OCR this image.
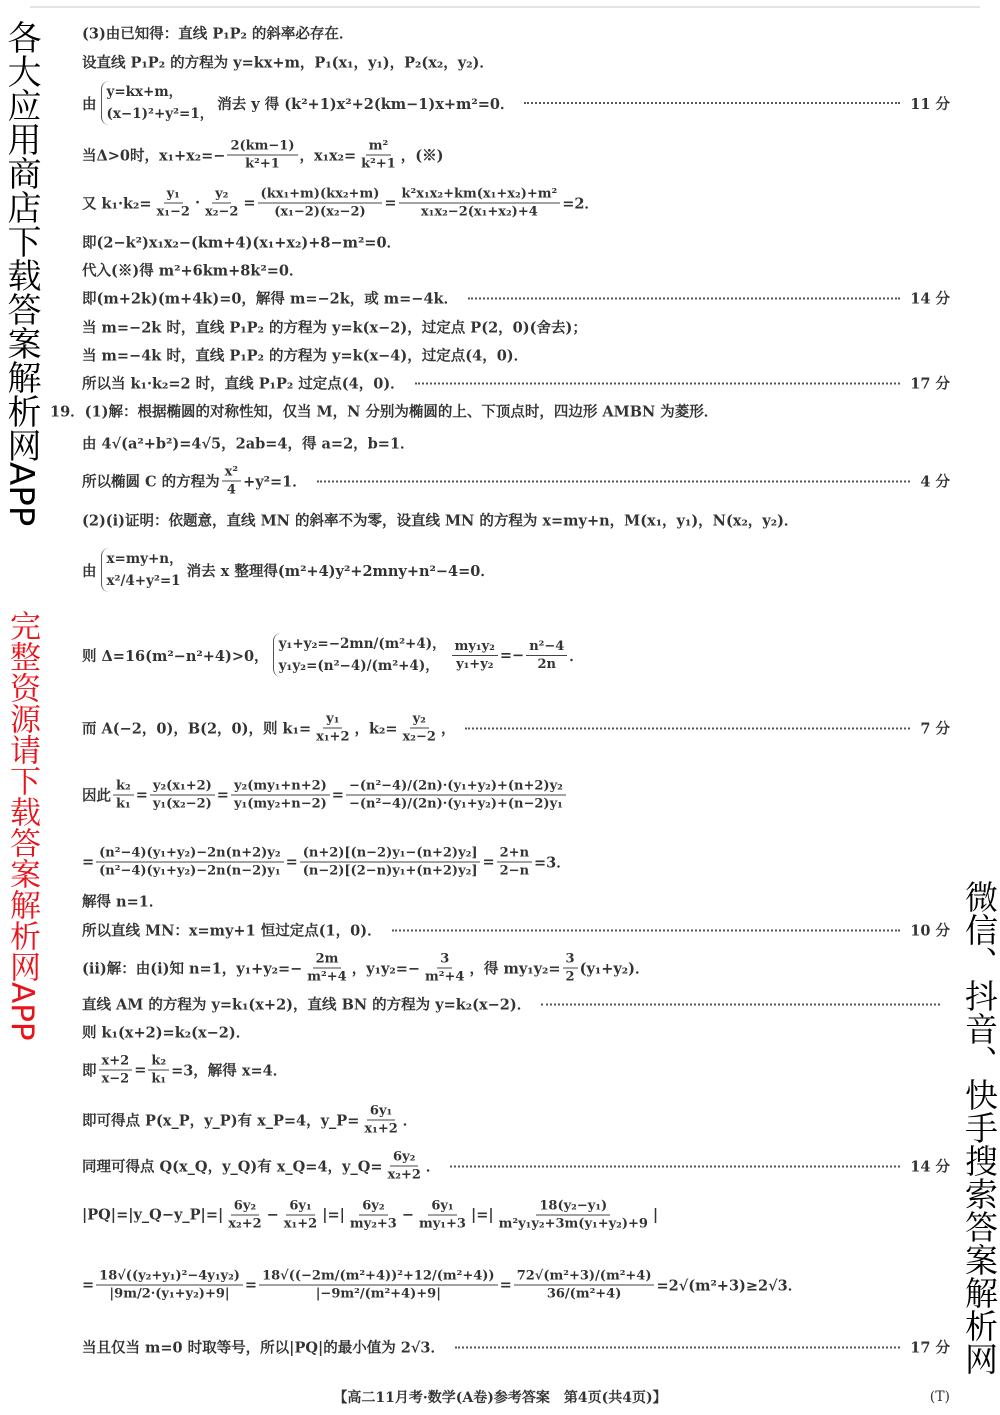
(3)由已知得：直线 P₁P₂ 的斜率必存在．
设直线 P₁P₂ 的方程为 y=kx+m，P₁(x₁，y₁)，P₂(x₂，y₂)．
由
y=kx+m，
(x−1)²+y²=1，
消去 y 得 (k²+1)x²+2(km−1)x+m²=0．	11 分
当Δ>0时，$x_1+x_2=- \frac{2(km-1)}{\text{k²+1}}$ ，$x_1x_2= \frac{\text{m²}}{\text{k²+1}}$ ，(※)
又 $k_1\cdot k_2= \frac{\text{y₁}}{\text{x₁−2}} \cdot \frac{\text{y₂}}{\text{x₂−2}} = \frac{\text{(kx₁+m)(kx₂+m)}}{\text{(x₁−2)(x₂−2)}} = \frac{\text{k²x₁x₂+km(x₁+x₂)+m²}}{\text{x₁x₂−2(x₁+x₂)+4}} =2$．
即(2−k²)x₁x₂−(km+4)(x₁+x₂)+8−m²=0．
代入(※)得 m²+6km+8k²=0．
即(m+2k)(m+4k)=0，解得 m=−2k，或 m=−4k．	14 分
当 m=−2k 时，直线 P₁P₂ 的方程为 y=k(x−2)，过定点 P(2，0)(舍去)；
当 m=−4k 时，直线 P₁P₂ 的方程为 y=k(x−4)，过定点(4，0)．
所以当 k₁·k₂=2 时，直线 P₁P₂ 过定点(4，0)．	17 分
19．(1)解：根据椭圆的对称性知，仅当 M，N 分别为椭圆的上、下顶点时，四边形 AMBN 为菱形．
由 4√(a²+b²)=4√5，2ab=4，得 a=2，b=1．
所以椭圆 C 的方程为 $\frac{\text{x²}}{4} +y^2=1$．	4 分
(2)(ⅰ)证明：依题意，直线 MN 的斜率不为零，设直线 MN 的方程为 x=my+n，M(x₁，y₁)，N(x₂，y₂)．
由
x=my+n，
x²/4+y²=1
消去 x 整理得(m²+4)y²+2mny+n²−4=0．
则 Δ=16(m²−n²+4)>0，
y₁+y₂=−2mn/(m²+4)，
y₁y₂=(n²−4)/(m²+4)， $\frac{\text{my₁y₂}}{\text{y₁+y₂}} =- \frac{\text{n²−4}}{2n}$ ．
而 A(−2，0)，B(2，0)，则 $k_1= \frac{\text{y₁}}{\text{x₁+2}}$ ，$k_2= \frac{\text{y₂}}{\text{x₂−2}}$ ，	7 分
因此 $\frac{\text{k₂}}{\text{k₁}} = \frac{\text{y₂(x₁+2)}}{\text{y₁(x₂−2)}} = \frac{\text{y₂(my₁+n+2)}}{\text{y₁(my₂+n−2)}} = \frac{\text{−(n²−4)/(2n)·(y₁+y₂)+(n+2)y₂}}{\text{−(n²−4)/(2n)·(y₁+y₂)+(n−2)y₁}}$
= $\frac{\text{(n²−4)(y₁+y₂)−2n(n+2)y₂}}{\text{(n²−4)(y₁+y₂)−2n(n−2)y₁}} = \frac{\text{(n+2)[(n−2)y₁−(n+2)y₂]}}{\text{(n−2)[(2−n)y₁+(n+2)y₂]}} = \frac{2+n}{2-n} =3$．
解得 n=1．
所以直线 MN：x=my+1 恒过定点(1，0)．	10 分
(ⅱ)解：由(ⅰ)知 n=1，$y_1+y_2=- \frac{2m}{\text{m²+4}}$ ，$y_1y_2=- \frac{3}{\text{m²+4}}$ ，得 $my_1y_2= \frac{3}{2} (y_1+y_2)$．
直线 AM 的方程为 y=k₁(x+2)，直线 BN 的方程为 y=k₂(x−2)．
则 k₁(x+2)=k₂(x−2)．
即 $\frac{x+2}{x-2} = \frac{\text{k₂}}{\text{k₁}} =3$，解得 x=4．
即可得点 P(x_P，y_P)有 x_P=4，y_P= $\frac{\text{6y₁}}{\text{x₁+2}}$ ．
同理可得点 Q(x_Q，y_Q)有 x_Q=4，y_Q= $\frac{\text{6y₂}}{\text{x₂+2}}$ ．	14 分
|PQ|=|y_Q−y_P|=| $\frac{\text{6y₂}}{\text{x₂+2}} - \frac{\text{6y₁}}{\text{x₁+2}}$ |=| $\frac{\text{6y₂}}{\text{my₂+3}} - \frac{\text{6y₁}}{\text{my₁+3}}$ |=| $\frac{\text{18(y₂−y₁)}}{\text{m²y₁y₂+3m(y₁+y₂)+9}}$ |
= $\frac{\text{18√((y₂+y₁)²−4y₁y₂)}}{\text{|9m/2·(y₁+y₂)+9|}} = \frac{\text{18√((−2m/(m²+4))²+12/(m²+4))}}{\text{|−9m²/(m²+4)+9|}} = \frac{\text{72√(m²+3)/(m²+4)}}{\text{36/(m²+4)}} =2√(m^2+3)\ge 2√3$．
当且仅当 m=0 时取等号，所以|PQ|的最小值为 2√3．	17 分
【高二11月考·数学(A卷)参考答案　第4页(共4页)】	(T)
各大应用商店下载答案解析网APP
完整资源请下载答案解析网APP
微信、抖音、快手搜索答案解析网
